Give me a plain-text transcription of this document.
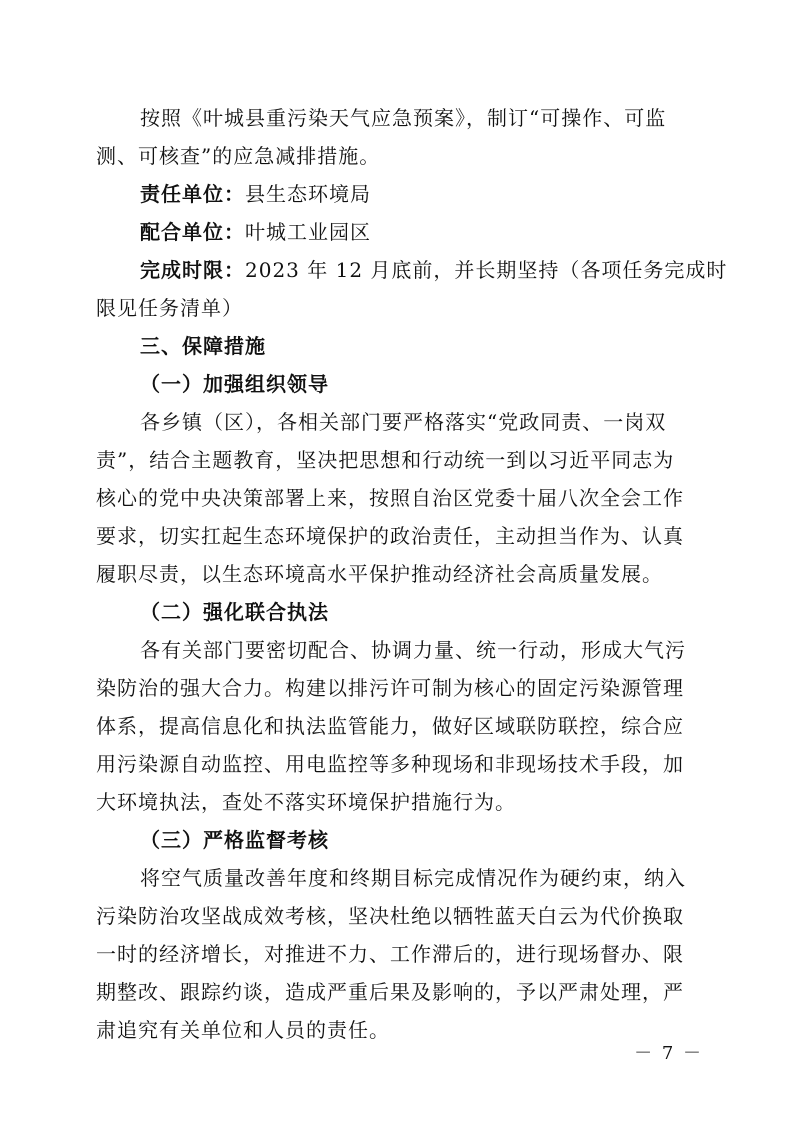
按照《叶城县重污染天气应急预案》，制订“可操作、可监
测、可核查”的应急减排措施。
责任单位：县生态环境局
配合单位：叶城工业园区
完成时限：2023 年 12 月底前，并长期坚持（各项任务完成时
限见任务清单）
三、保障措施
（一）加强组织领导
各乡镇（区），各相关部门要严格落实“党政同责、一岗双
责”，结合主题教育，坚决把思想和行动统一到以习近平同志为
核心的党中央决策部署上来，按照自治区党委十届八次全会工作
要求，切实扛起生态环境保护的政治责任，主动担当作为、认真
履职尽责，以生态环境高水平保护推动经济社会高质量发展。
（二）强化联合执法
各有关部门要密切配合、协调力量、统一行动，形成大气污
染防治的强大合力。构建以排污许可制为核心的固定污染源管理
体系，提高信息化和执法监管能力，做好区域联防联控，综合应
用污染源自动监控、用电监控等多种现场和非现场技术手段，加
大环境执法，查处不落实环境保护措施行为。
（三）严格监督考核
将空气质量改善年度和终期目标完成情况作为硬约束，纳入
污染防治攻坚战成效考核，坚决杜绝以牺牲蓝天白云为代价换取
一时的经济增长，对推进不力、工作滞后的，进行现场督办、限
期整改、跟踪约谈，造成严重后果及影响的，予以严肃处理，严
肃追究有关单位和人员的责任。
－ 7 －
